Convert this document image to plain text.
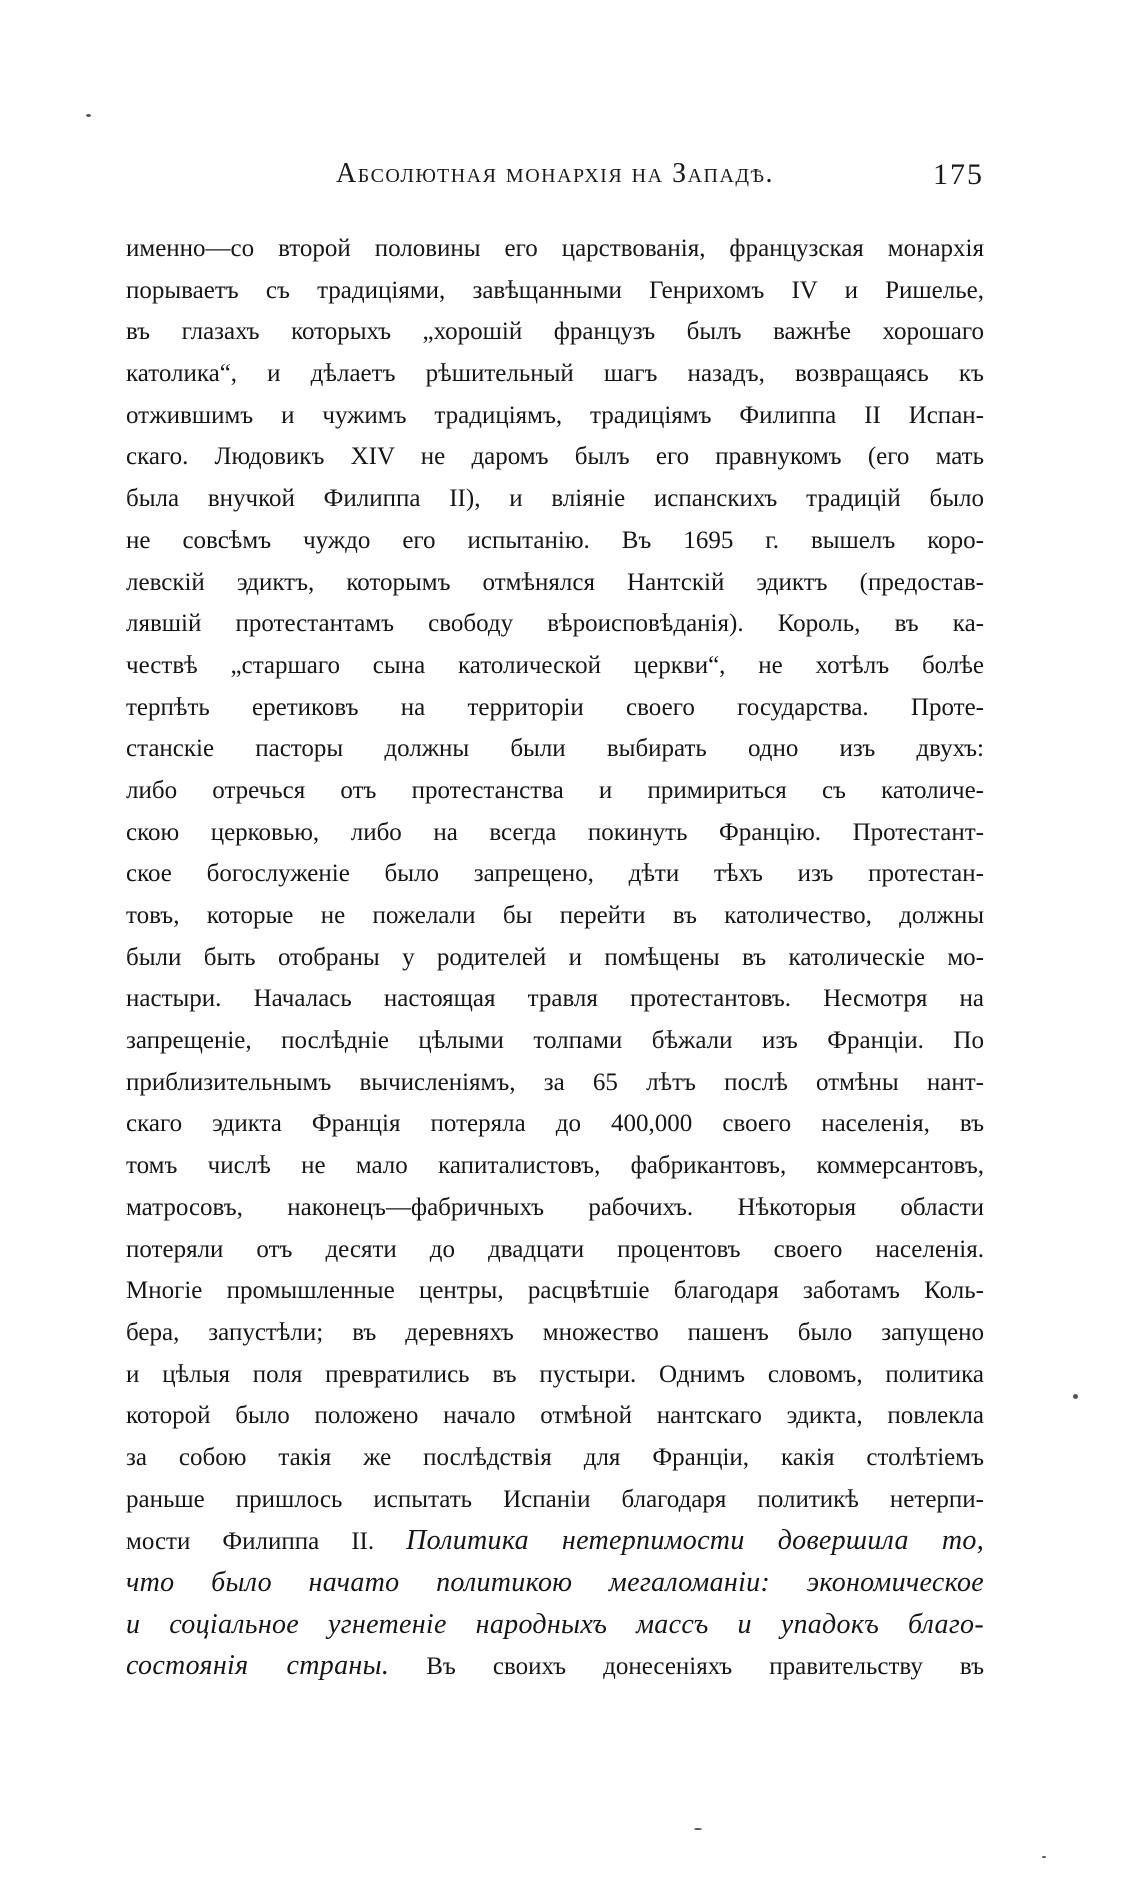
Абсолютная монархія на Западѣ.	175
именно—со второй половины его царствованія, французская монархія
порываетъ съ традиціями, завѣщанными Генрихомъ IV и Ришелье,
въ глазахъ которыхъ „хорошій французъ былъ важнѣе хорошаго
католика“, и дѣлаетъ рѣшительный шагъ назадъ, возвращаясь къ
отжившимъ и чужимъ традиціямъ, традиціямъ Филиппа II Испан-
скаго. Людовикъ XIV не даромъ былъ его правнукомъ (его мать
была внучкой Филиппа II), и вліяніе испанскихъ традицій было
не совсѣмъ чуждо его испытанію. Въ 1695 г. вышелъ коро-
левскій эдиктъ, которымъ отмѣнялся Нантскій эдиктъ (предостав-
лявшій протестантамъ свободу вѣроисповѣданія). Король, въ ка-
чествѣ „старшаго сына католической церкви“, не хотѣлъ болѣе
терпѣть еретиковъ на территоріи своего государства. Проте-
станскіе пасторы должны были выбирать одно изъ двухъ:
либо отречься отъ протестанства и примириться съ католиче-
скою церковью, либо на всегда покинуть Францію. Протестант-
ское богослуженіе было запрещено, дѣти тѣхъ изъ протестан-
товъ, которые не пожелали бы перейти въ католичество, должны
были быть отобраны у родителей и помѣщены въ католическіе мо-
настыри. Началась настоящая травля протестантовъ. Несмотря на
запрещеніе, послѣдніе цѣлыми толпами бѣжали изъ Франціи. По
приблизительнымъ вычисленіямъ, за 65 лѣтъ послѣ отмѣны нант-
скаго эдикта Франція потеряла до 400,000 своего населенія, въ
томъ числѣ не мало капиталистовъ, фабрикантовъ, коммерсантовъ,
матросовъ, наконецъ—фабричныхъ рабочихъ. Нѣкоторыя области
потеряли отъ десяти до двадцати процентовъ своего населенія.
Многіе промышленные центры, расцвѣтшіе благодаря заботамъ Коль-
бера, запустѣли; въ деревняхъ множество пашенъ было запущено
и цѣлыя поля превратились въ пустыри. Однимъ словомъ, политика
которой было положено начало отмѣной нантскаго эдикта, повлекла
за собою такія же послѣдствія для Франціи, какія столѣтіемъ
раньше пришлось испытать Испаніи благодаря политикѣ нетерпи-
мости Филиппа II. Политика нетерпимости довершила то,
что было начато политикою мегаломаніи: экономическое
и соціальное угнетеніе народныхъ массъ и упадокъ благо-
состоянія страны. Въ своихъ донесеніяхъ правительству въ
